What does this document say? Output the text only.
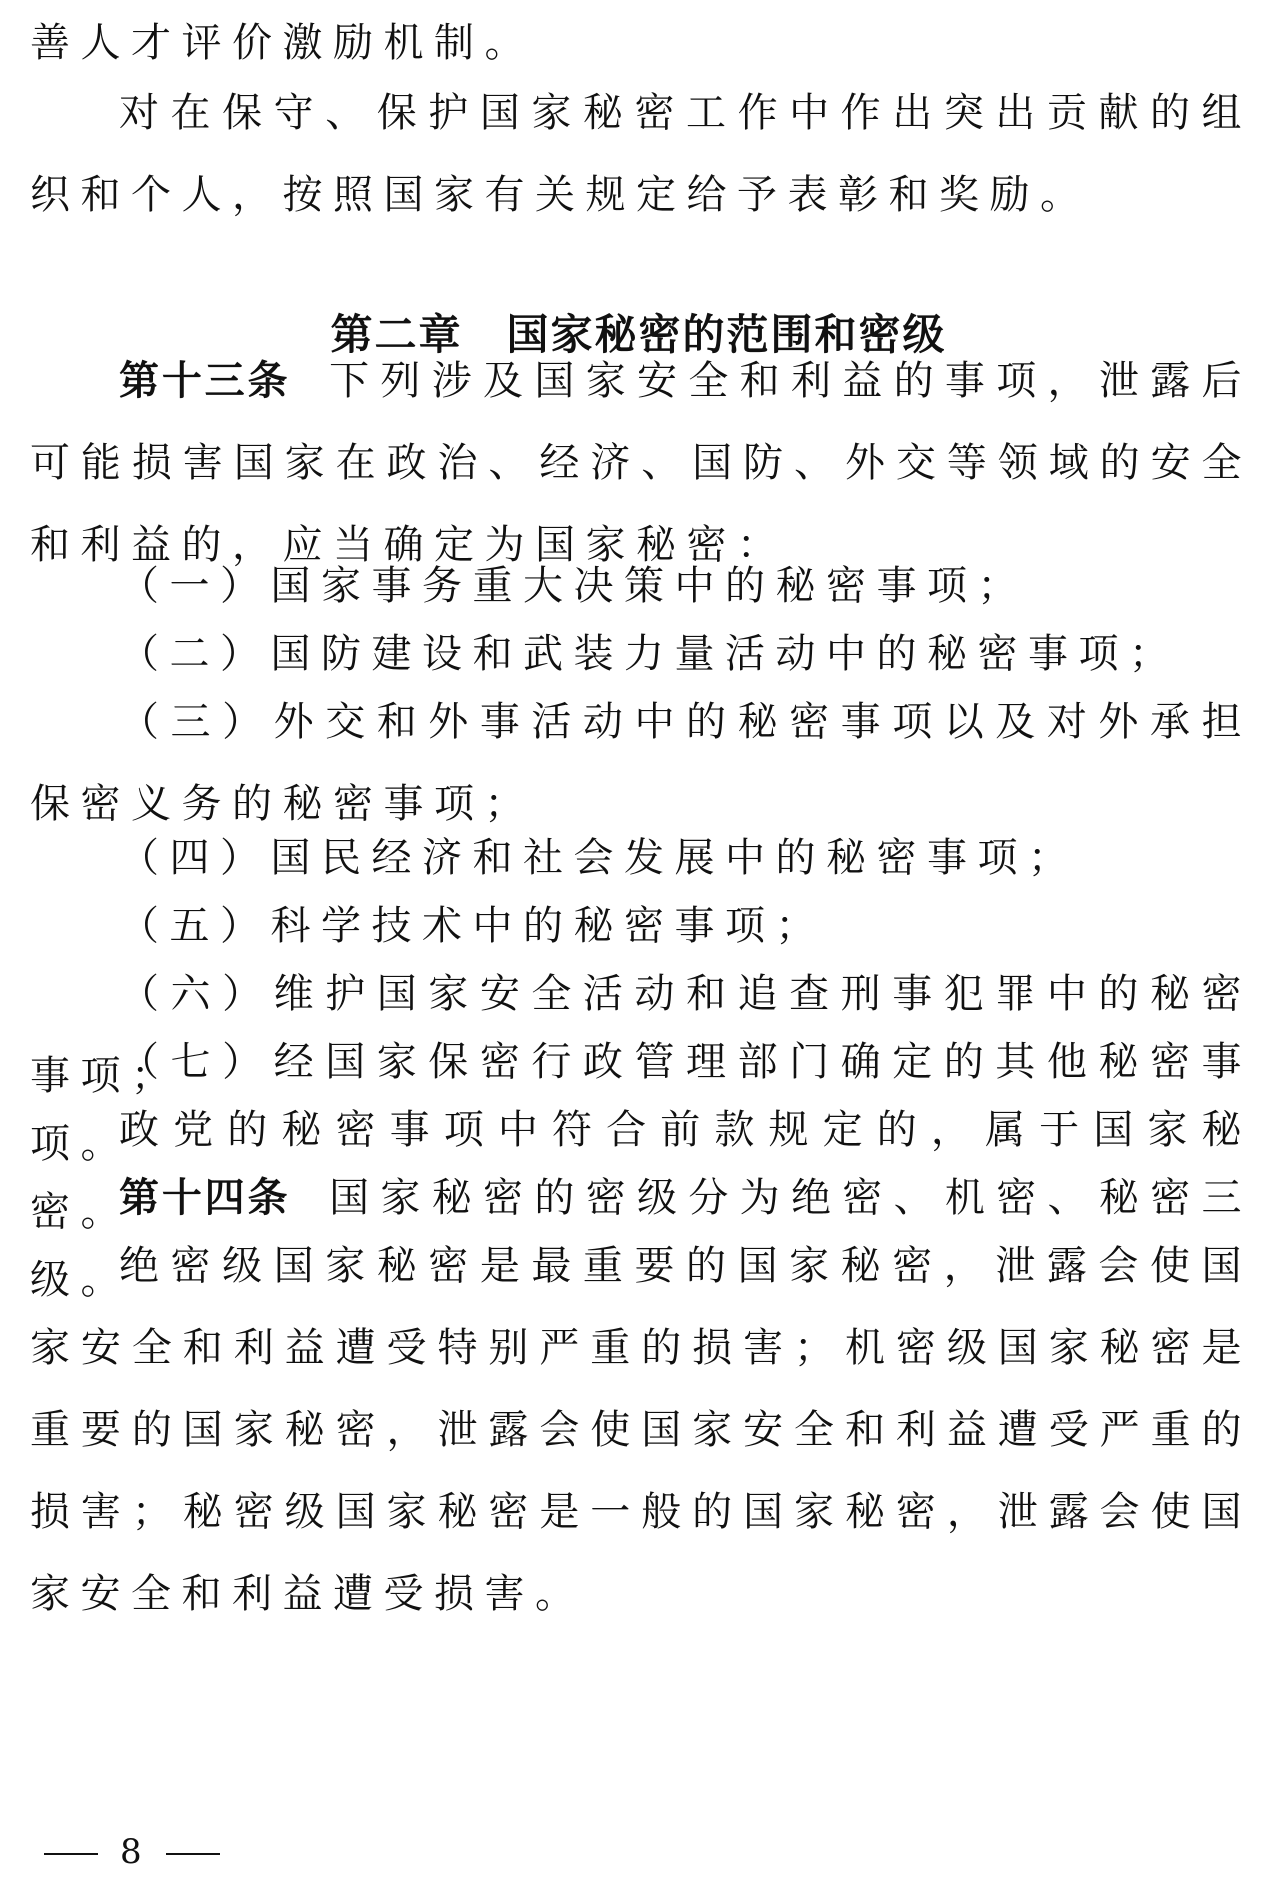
善人才评价激励机制。

对在保守、保护国家秘密工作中作出突出贡献的组织和个人，按照国家有关规定给予表彰和奖励。

第二章 国家秘密的范围和密级

第十三条 下列涉及国家安全和利益的事项，泄露后可能损害国家在政治、经济、国防、外交等领域的安全和利益的，应当确定为国家秘密：

（一）国家事务重大决策中的秘密事项；

（二）国防建设和武装力量活动中的秘密事项；

（三）外交和外事活动中的秘密事项以及对外承担保密义务的秘密事项；

（四）国民经济和社会发展中的秘密事项；

（五）科学技术中的秘密事项；

（六）维护国家安全活动和追查刑事犯罪中的秘密事项；

（七）经国家保密行政管理部门确定的其他秘密事项。

政党的秘密事项中符合前款规定的，属于国家秘密。

第十四条 国家秘密的密级分为绝密、机密、秘密三级。

绝密级国家秘密是最重要的国家秘密，泄露会使国家安全和利益遭受特别严重的损害；机密级国家秘密是重要的国家秘密，泄露会使国家安全和利益遭受严重的损害；秘密级国家秘密是一般的国家秘密，泄露会使国家安全和利益遭受损害。

8
